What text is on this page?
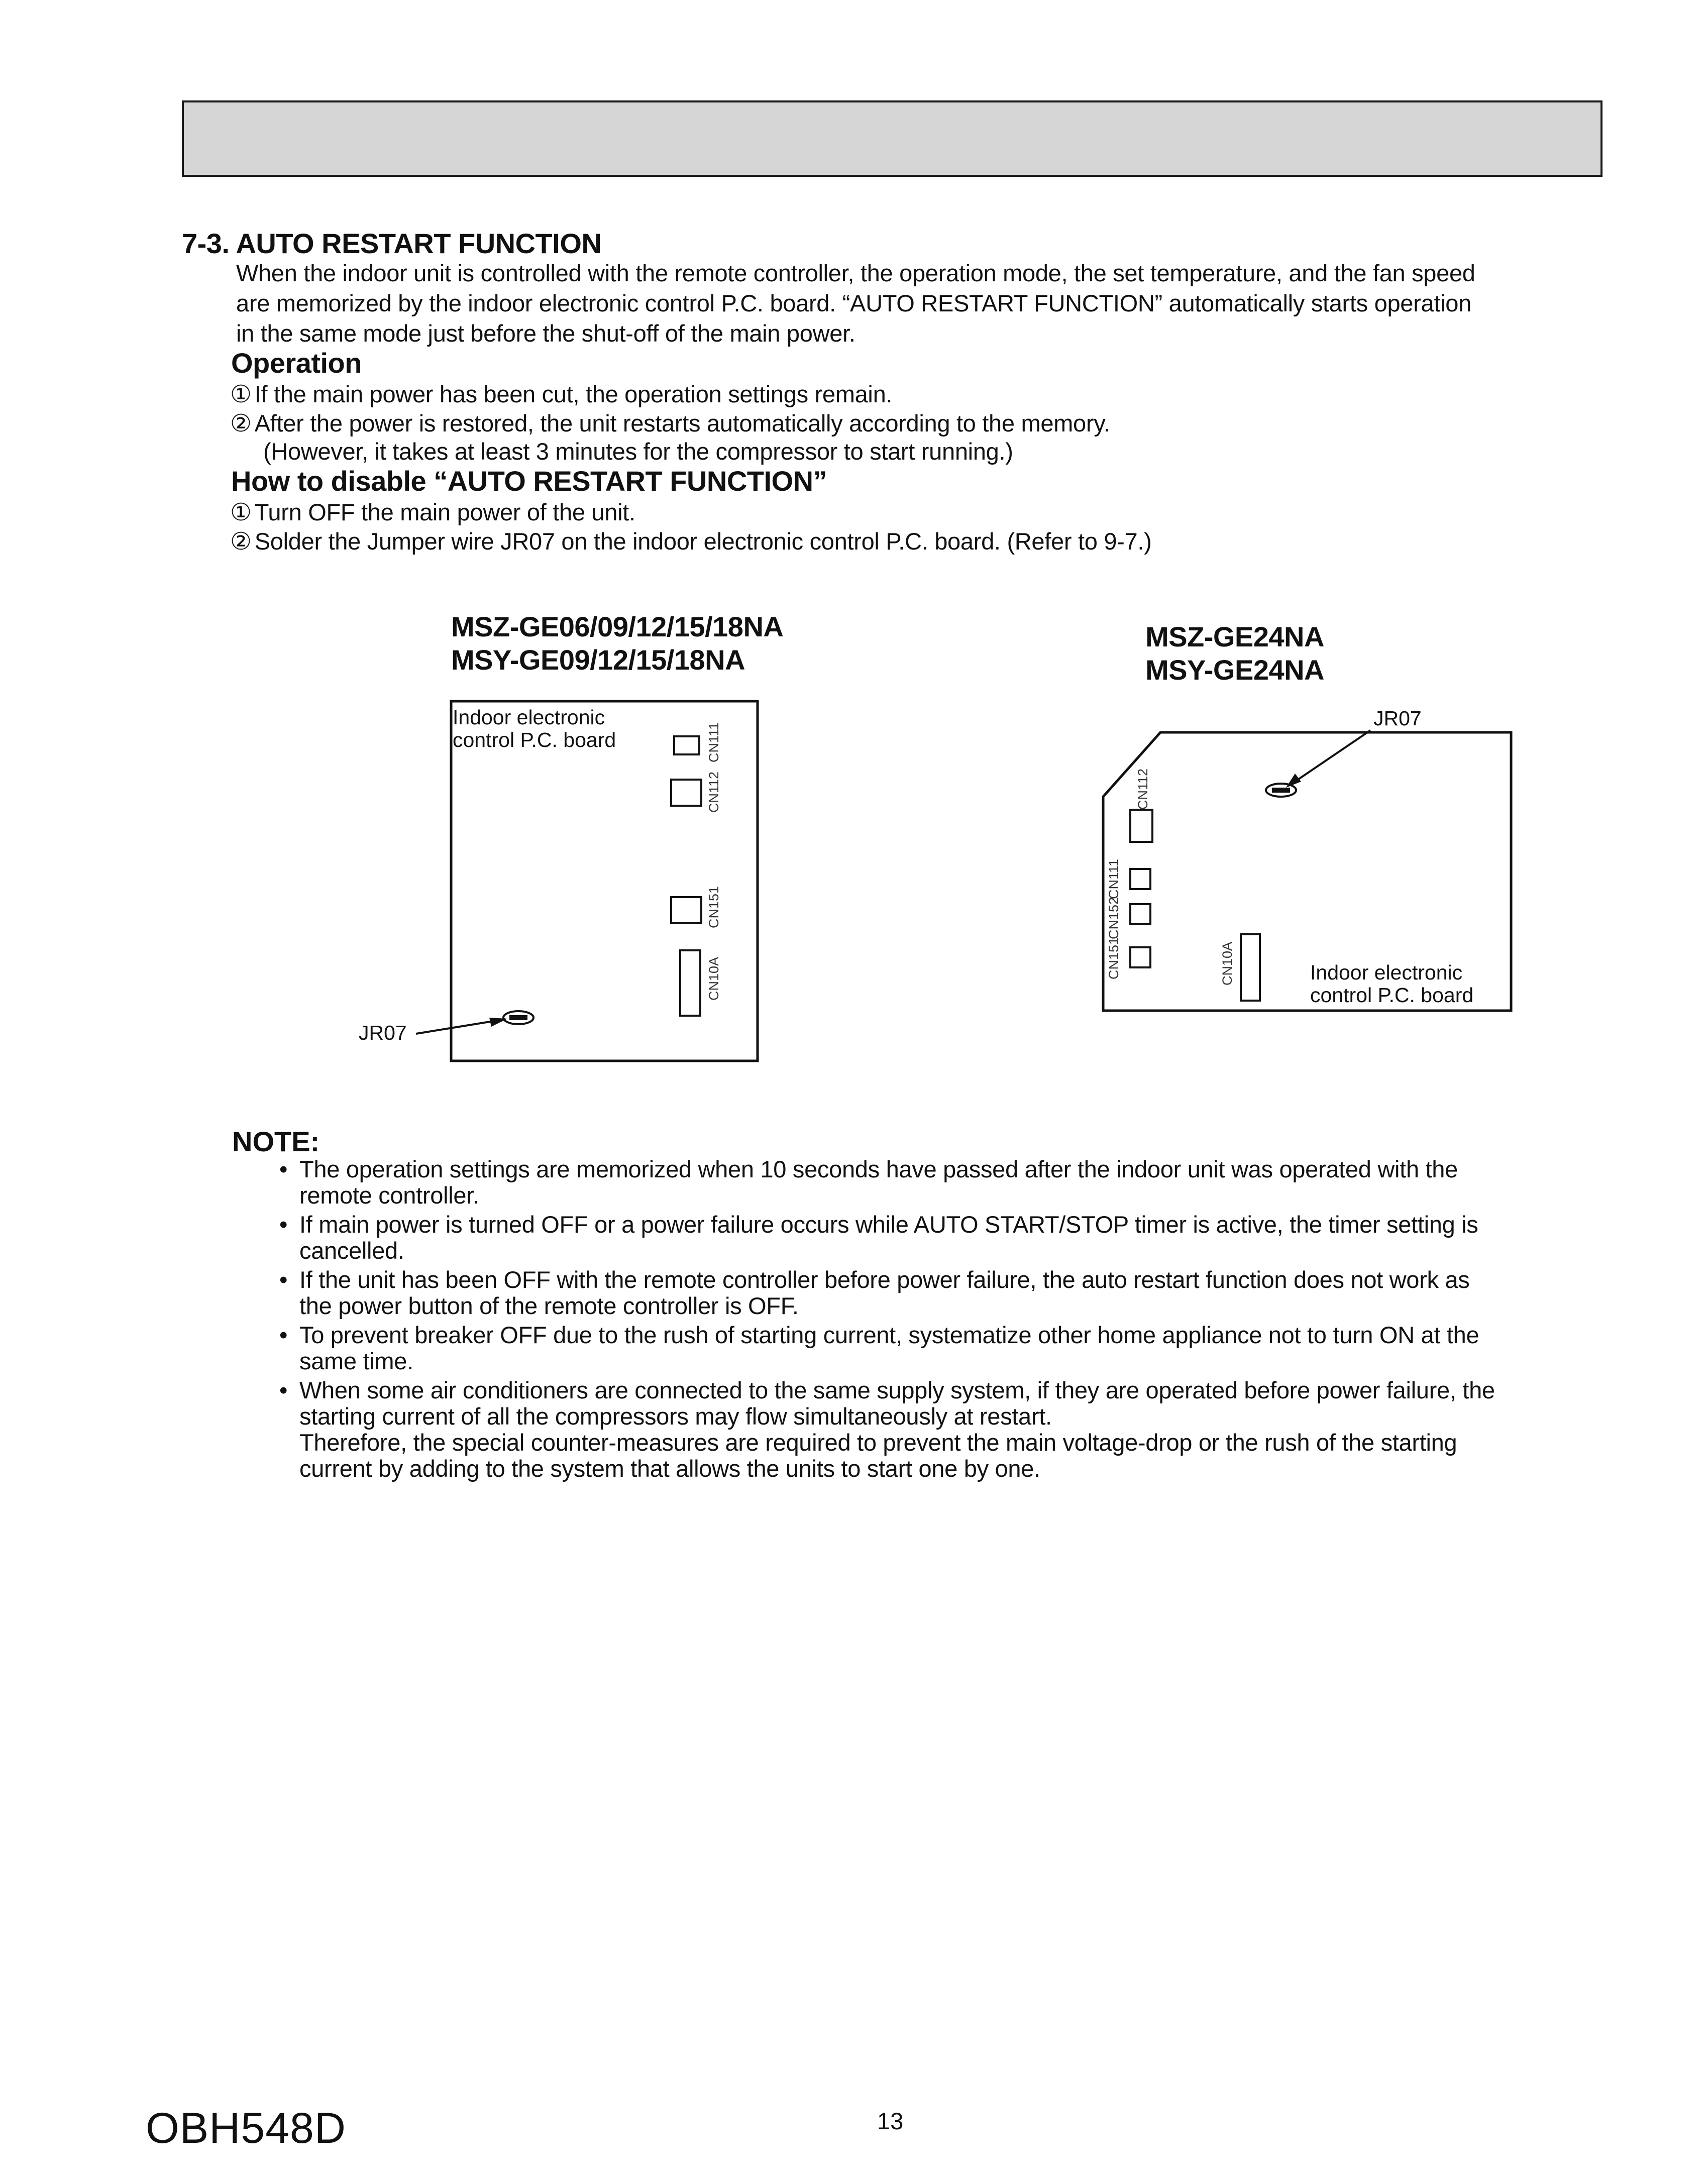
7-3. AUTO RESTART FUNCTION

When the indoor unit is controlled with the remote controller, the operation mode, the set temperature, and the fan speed

are memorized by the indoor electronic control P.C. board. “AUTO RESTART FUNCTION” automatically starts operation

in the same mode just before the shut-off of the main power.

Operation
① If the main power has been cut, the operation settings remain.
② After the power is restored, the unit restarts automatically according to the memory.
(However, it takes at least 3 minutes for the compressor to start running.)
How to disable “AUTO RESTART FUNCTION”
① Turn OFF the main power of the unit.
② Solder the Jumper wire JR07 on the indoor electronic control P.C. board. (Refer to 9-7.)
MSZ-GE06/09/12/15/18NA
MSY-GE09/12/15/18NA
Indoor electronic
control P.C. board	CN111
CN112
CN151
CN10A
JR07
MSZ-GE24NA
MSY-GE24NA
JR07
CN112
CN111
CN152
CN151	CN10A	Indoor electronic
control P.C. board
NOTE:
• The operation settings are memorized when 10 seconds have passed after the indoor unit was operated with the
remote controller.
• If main power is turned OFF or a power failure occurs while AUTO START/STOP timer is active, the timer setting is
cancelled.
• If the unit has been OFF with the remote controller before power failure, the auto restart function does not work as
the power button of the remote controller is OFF.
• To prevent breaker OFF due to the rush of starting current, systematize other home appliance not to turn ON at the
same time.
• When some air conditioners are connected to the same supply system, if they are operated before power failure, the
starting current of all the compressors may flow simultaneously at restart.
Therefore, the special counter-measures are required to prevent the main voltage-drop or the rush of the starting
current by adding to the system that allows the units to start one by one.
OBH548D	13
